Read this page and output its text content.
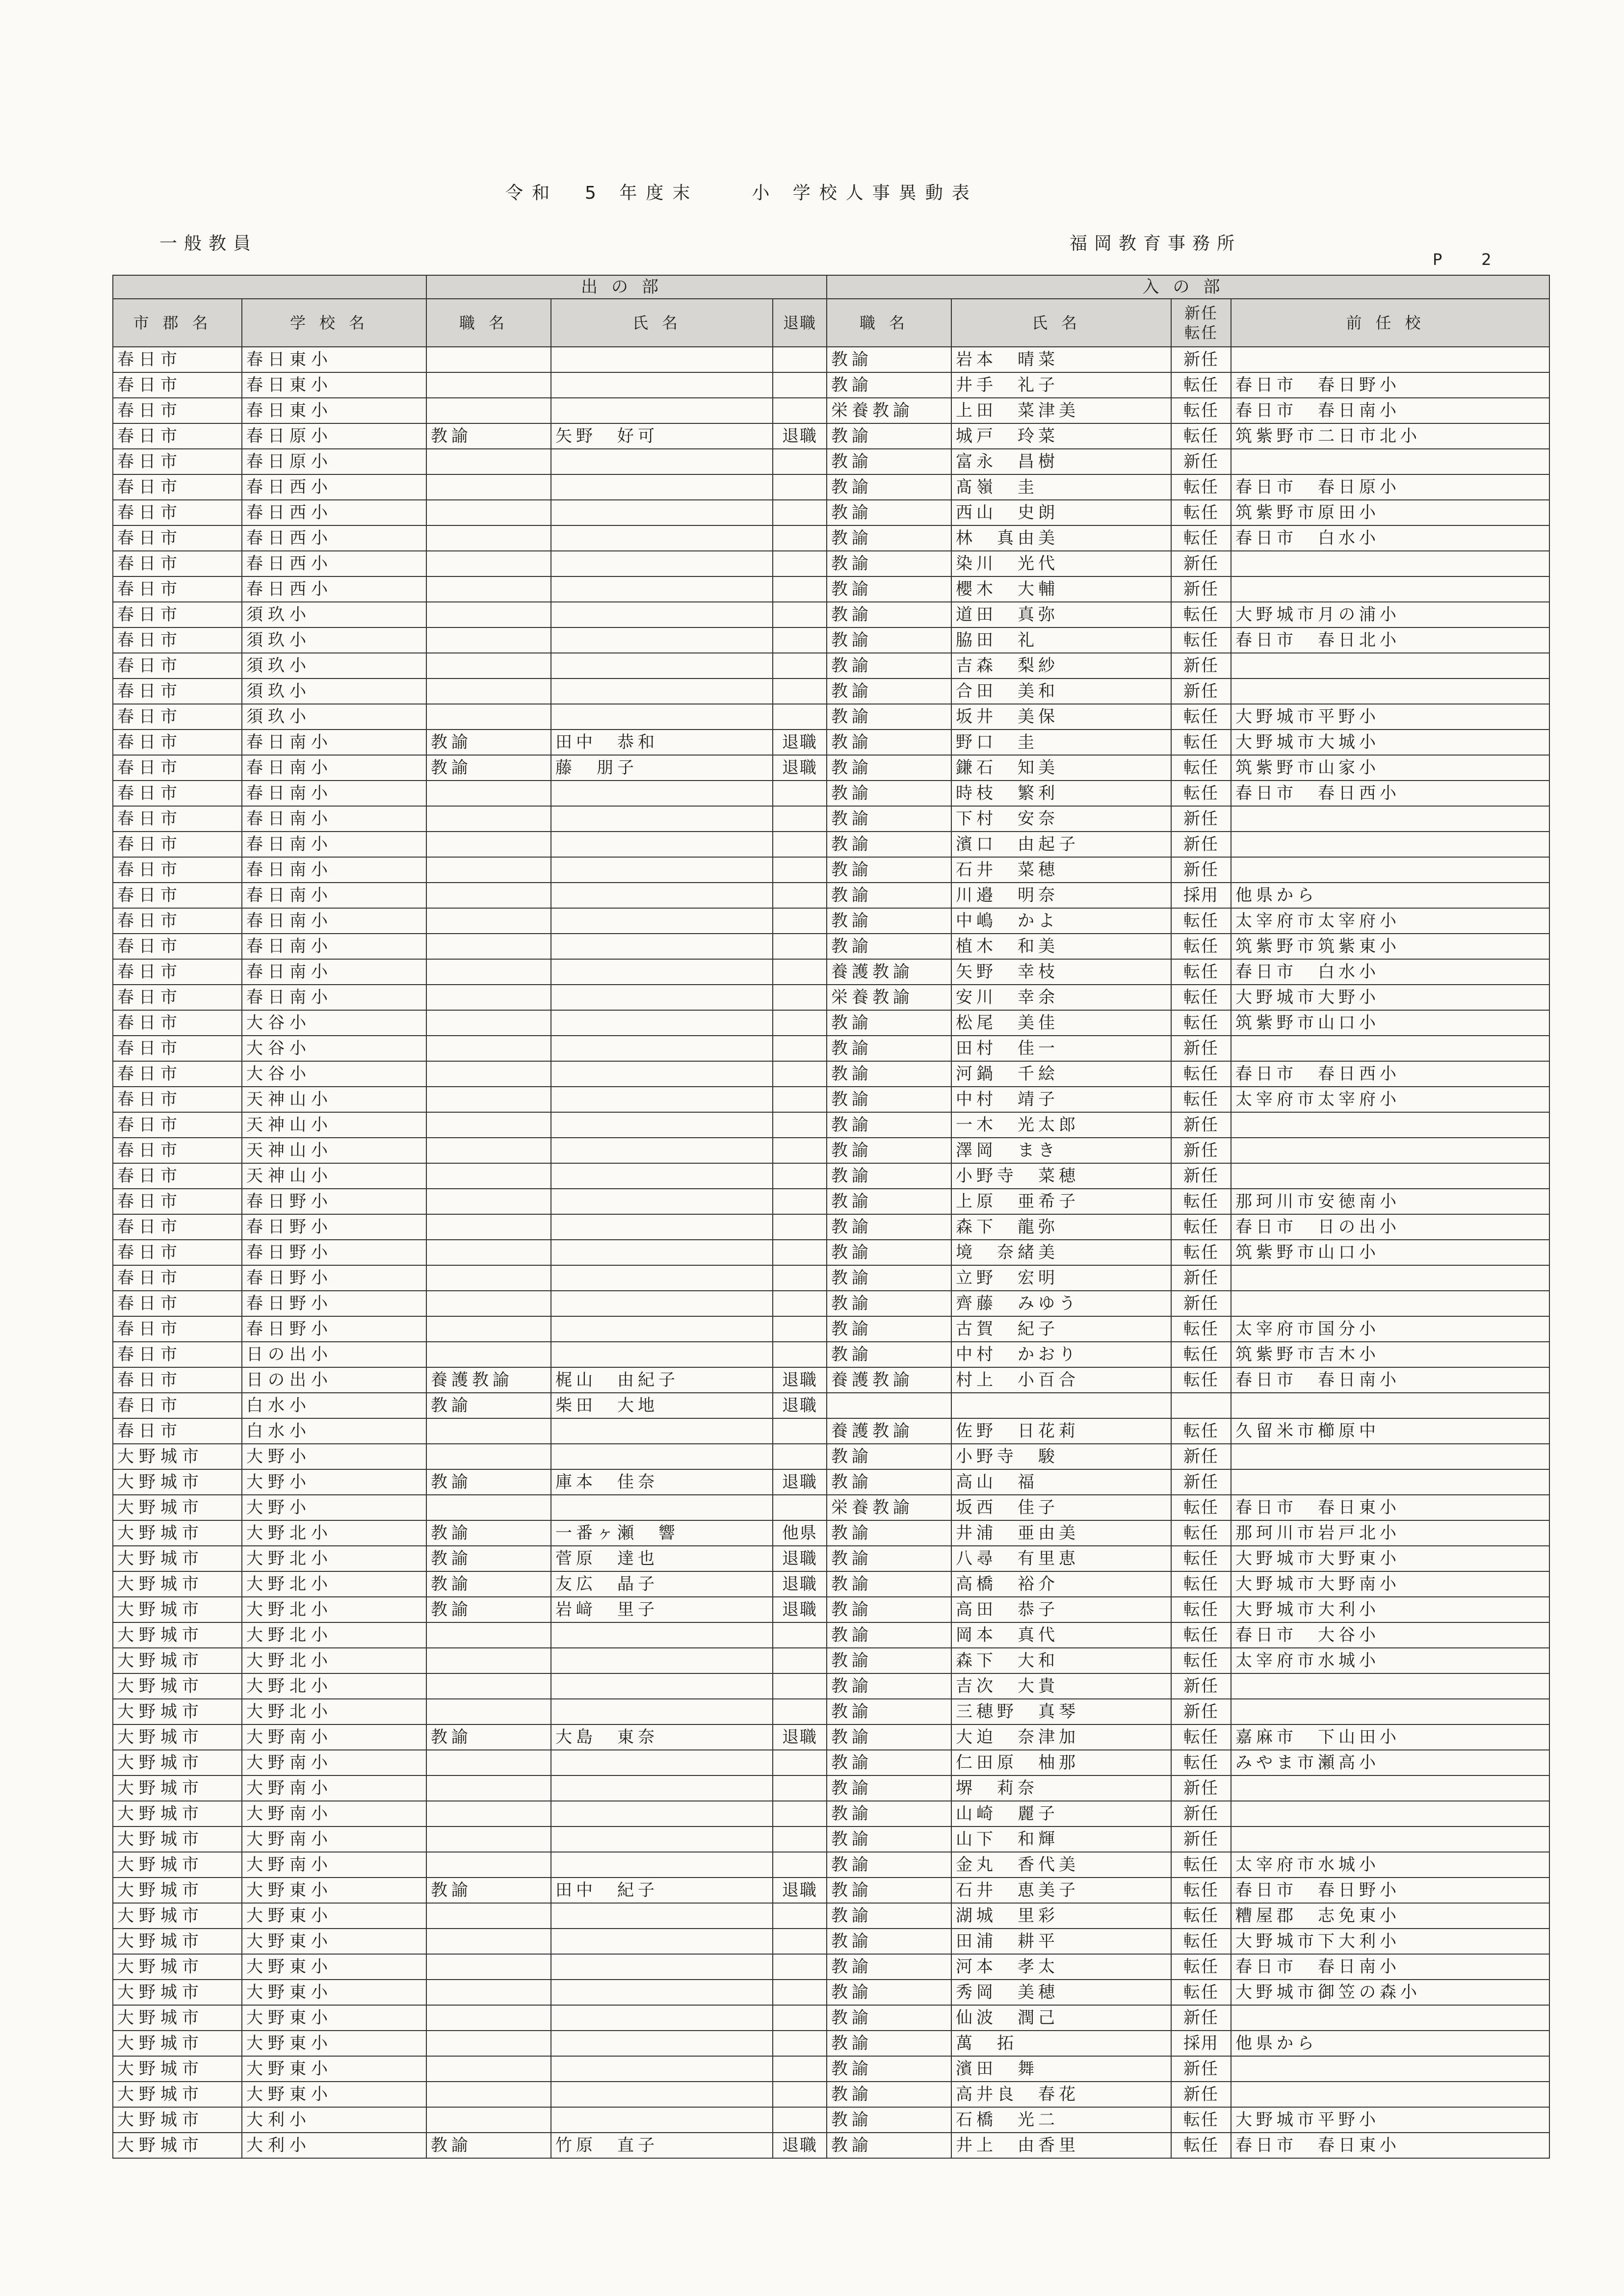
令和　5 年度末　　小 学校人事異動表
一般教員	福岡教育事務所
P2
		出の部			入の部			
市郡名	学校名	職名	氏名	退職	職名	氏名	新任 転任	前任校
春日市	春日東小				教諭	岩本　晴菜	新任	
春日市	春日東小				教諭	井手　礼子	転任	春日市　春日野小
春日市	春日東小				栄養教諭	上田　菜津美	転任	春日市　春日南小
春日市	春日原小	教諭	矢野　好可	退職	教諭	城戸　玲菜	転任	筑紫野市二日市北小
春日市	春日原小				教諭	富永　昌樹	新任	
春日市	春日西小				教諭	髙嶺　圭	転任	春日市　春日原小
春日市	春日西小				教諭	西山　史朗	転任	筑紫野市原田小
春日市	春日西小				教諭	林　真由美	転任	春日市　白水小
春日市	春日西小				教諭	染川　光代	新任	
春日市	春日西小				教諭	櫻木　大輔	新任	
春日市	須玖小				教諭	道田　真弥	転任	大野城市月の浦小
春日市	須玖小				教諭	脇田　礼	転任	春日市　春日北小
春日市	須玖小				教諭	吉森　梨紗	新任	
春日市	須玖小				教諭	合田　美和	新任	
春日市	須玖小				教諭	坂井　美保	転任	大野城市平野小
春日市	春日南小	教諭	田中　恭和	退職	教諭	野口　圭	転任	大野城市大城小
春日市	春日南小	教諭	藤　朋子	退職	教諭	鎌石　知美	転任	筑紫野市山家小
春日市	春日南小				教諭	時枝　繁利	転任	春日市　春日西小
春日市	春日南小				教諭	下村　安奈	新任	
春日市	春日南小				教諭	濱口　由起子	新任	
春日市	春日南小				教諭	石井　菜穂	新任	
春日市	春日南小				教諭	川邉　明奈	採用	他県から
春日市	春日南小				教諭	中嶋　かよ	転任	太宰府市太宰府小
春日市	春日南小				教諭	植木　和美	転任	筑紫野市筑紫東小
春日市	春日南小				養護教諭	矢野　幸枝	転任	春日市　白水小
春日市	春日南小				栄養教諭	安川　幸余	転任	大野城市大野小
春日市	大谷小				教諭	松尾　美佳	転任	筑紫野市山口小
春日市	大谷小				教諭	田村　佳一	新任	
春日市	大谷小				教諭	河鍋　千絵	転任	春日市　春日西小
春日市	天神山小				教諭	中村　靖子	転任	太宰府市太宰府小
春日市	天神山小				教諭	一木　光太郎	新任	
春日市	天神山小				教諭	澤岡　まき	新任	
春日市	天神山小				教諭	小野寺　菜穂	新任	
春日市	春日野小				教諭	上原　亜希子	転任	那珂川市安徳南小
春日市	春日野小				教諭	森下　龍弥	転任	春日市　日の出小
春日市	春日野小				教諭	境　奈緒美	転任	筑紫野市山口小
春日市	春日野小				教諭	立野　宏明	新任	
春日市	春日野小				教諭	齊藤　みゆう	新任	
春日市	春日野小				教諭	古賀　紀子	転任	太宰府市国分小
春日市	日の出小				教諭	中村　かおり	転任	筑紫野市吉木小
春日市	日の出小	養護教諭	梶山　由紀子	退職	養護教諭	村上　小百合	転任	春日市　春日南小
春日市	白水小	教諭	柴田　大地	退職				
春日市	白水小				養護教諭	佐野　日花莉	転任	久留米市櫛原中
大野城市	大野小				教諭	小野寺　駿	新任	
大野城市	大野小	教諭	庫本　佳奈	退職	教諭	高山　福	新任	
大野城市	大野小				栄養教諭	坂西　佳子	転任	春日市　春日東小
大野城市	大野北小	教諭	一番ヶ瀬　響	他県	教諭	井浦　亜由美	転任	那珂川市岩戸北小
大野城市	大野北小	教諭	菅原　達也	退職	教諭	八尋　有里恵	転任	大野城市大野東小
大野城市	大野北小	教諭	友広　晶子	退職	教諭	高橋　裕介	転任	大野城市大野南小
大野城市	大野北小	教諭	岩﨑　里子	退職	教諭	高田　恭子	転任	大野城市大利小
大野城市	大野北小				教諭	岡本　真代	転任	春日市　大谷小
大野城市	大野北小				教諭	森下　大和	転任	太宰府市水城小
大野城市	大野北小				教諭	吉次　大貴	新任	
大野城市	大野北小				教諭	三穂野　真琴	新任	
大野城市	大野南小	教諭	大島　東奈	退職	教諭	大迫　奈津加	転任	嘉麻市　下山田小
大野城市	大野南小				教諭	仁田原　柚那	転任	みやま市瀬高小
大野城市	大野南小				教諭	堺　莉奈	新任	
大野城市	大野南小				教諭	山崎　麗子	新任	
大野城市	大野南小				教諭	山下　和輝	新任	
大野城市	大野南小				教諭	金丸　香代美	転任	太宰府市水城小
大野城市	大野東小	教諭	田中　紀子	退職	教諭	石井　恵美子	転任	春日市　春日野小
大野城市	大野東小				教諭	湖城　里彩	転任	糟屋郡　志免東小
大野城市	大野東小				教諭	田浦　耕平	転任	大野城市下大利小
大野城市	大野東小				教諭	河本　孝太	転任	春日市　春日南小
大野城市	大野東小				教諭	秀岡　美穂	転任	大野城市御笠の森小
大野城市	大野東小				教諭	仙波　潤己	新任	
大野城市	大野東小				教諭	萬　拓	採用	他県から
大野城市	大野東小				教諭	濱田　舞	新任	
大野城市	大野東小				教諭	高井良　春花	新任	
大野城市	大利小				教諭	石橋　光二	転任	大野城市平野小
大野城市	大利小	教諭	竹原　直子	退職	教諭	井上　由香里	転任	春日市　春日東小
